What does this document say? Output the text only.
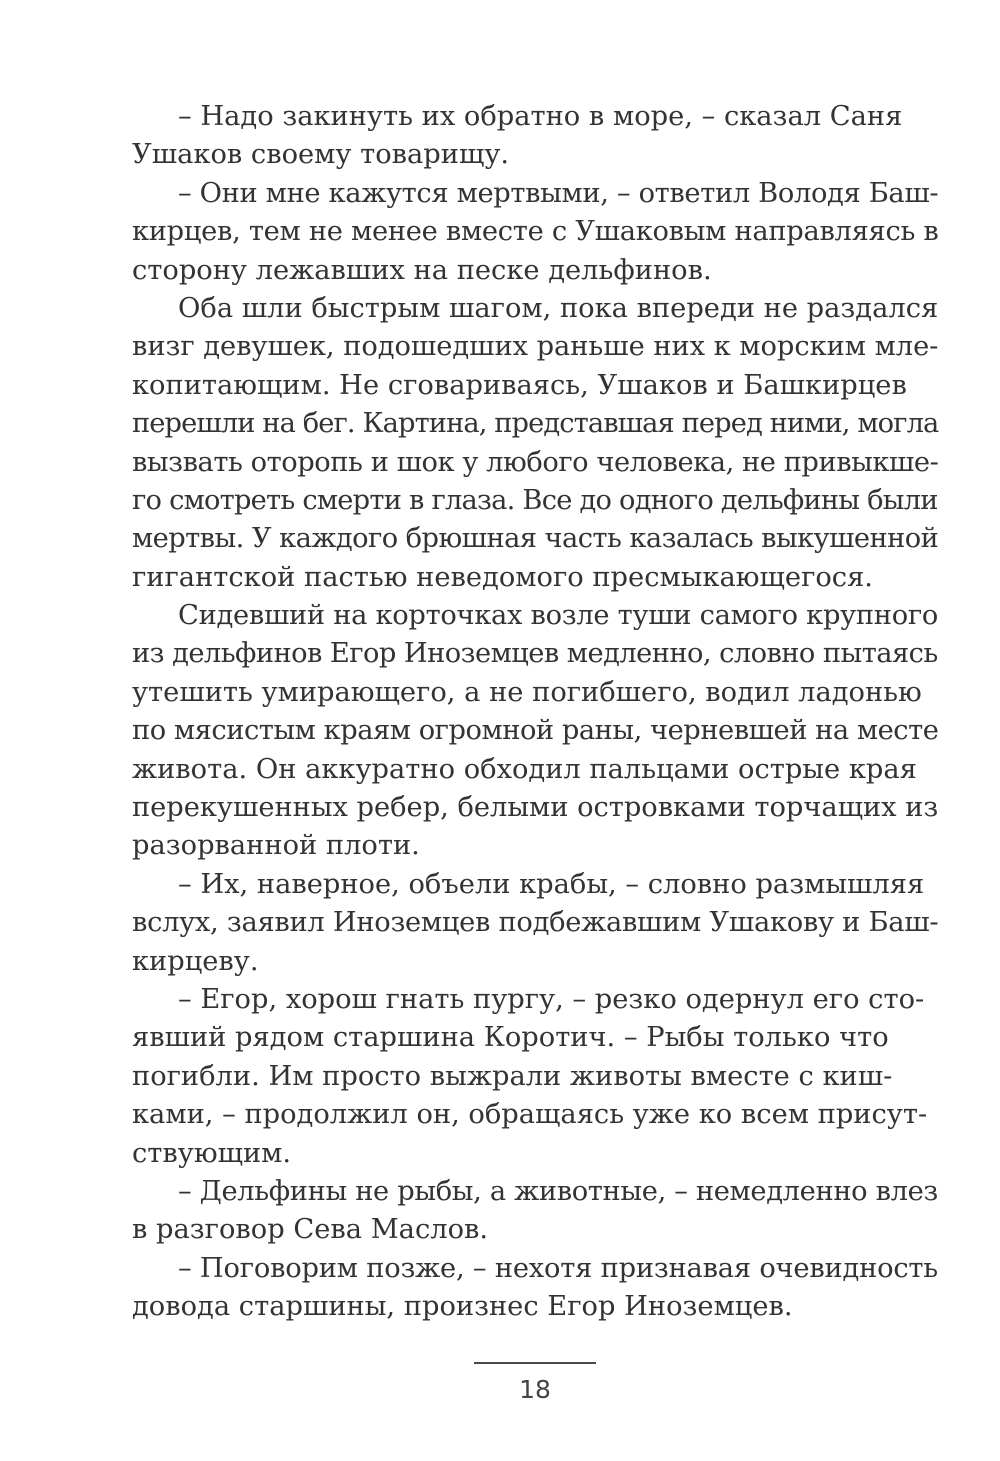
– Надо закинуть их обратно в море, – сказал Саня
Ушаков своему товарищу.
– Они мне кажутся мертвыми, – ответил Володя Баш-
кирцев, тем не менее вместе с Ушаковым направляясь в
сторону лежавших на песке дельфинов.
Оба шли быстрым шагом, пока впереди не раздался
визг девушек, подошедших раньше них к морским мле-
копитающим. Не сговариваясь, Ушаков и Башкирцев
перешли на бег. Картина, представшая перед ними, могла
вызвать оторопь и шок у любого человека, не привыкше-
го смотреть смерти в глаза. Все до одного дельфины были
мертвы. У каждого брюшная часть казалась выкушенной
гигантской пастью неведомого пресмыкающегося.
Сидевший на корточках возле туши самого крупного
из дельфинов Егор Иноземцев медленно, словно пытаясь
утешить умирающего, а не погибшего, водил ладонью
по мясистым краям огромной раны, черневшей на месте
живота. Он аккуратно обходил пальцами острые края
перекушенных ребер, белыми островками торчащих из
разорванной плоти.
– Их, наверное, объели крабы, – словно размышляя
вслух, заявил Иноземцев подбежавшим Ушакову и Баш-
кирцеву.
– Егор, хорош гнать пургу, – резко одернул его сто-
явший рядом старшина Коротич. – Рыбы только что
погибли. Им просто выжрали животы вместе с киш-
ками, – продолжил он, обращаясь уже ко всем присут-
ствующим.
– Дельфины не рыбы, а животные, – немедленно влез
в разговор Сева Маслов.
– Поговорим позже, – нехотя признавая очевидность
довода старшины, произнес Егор Иноземцев.
18
